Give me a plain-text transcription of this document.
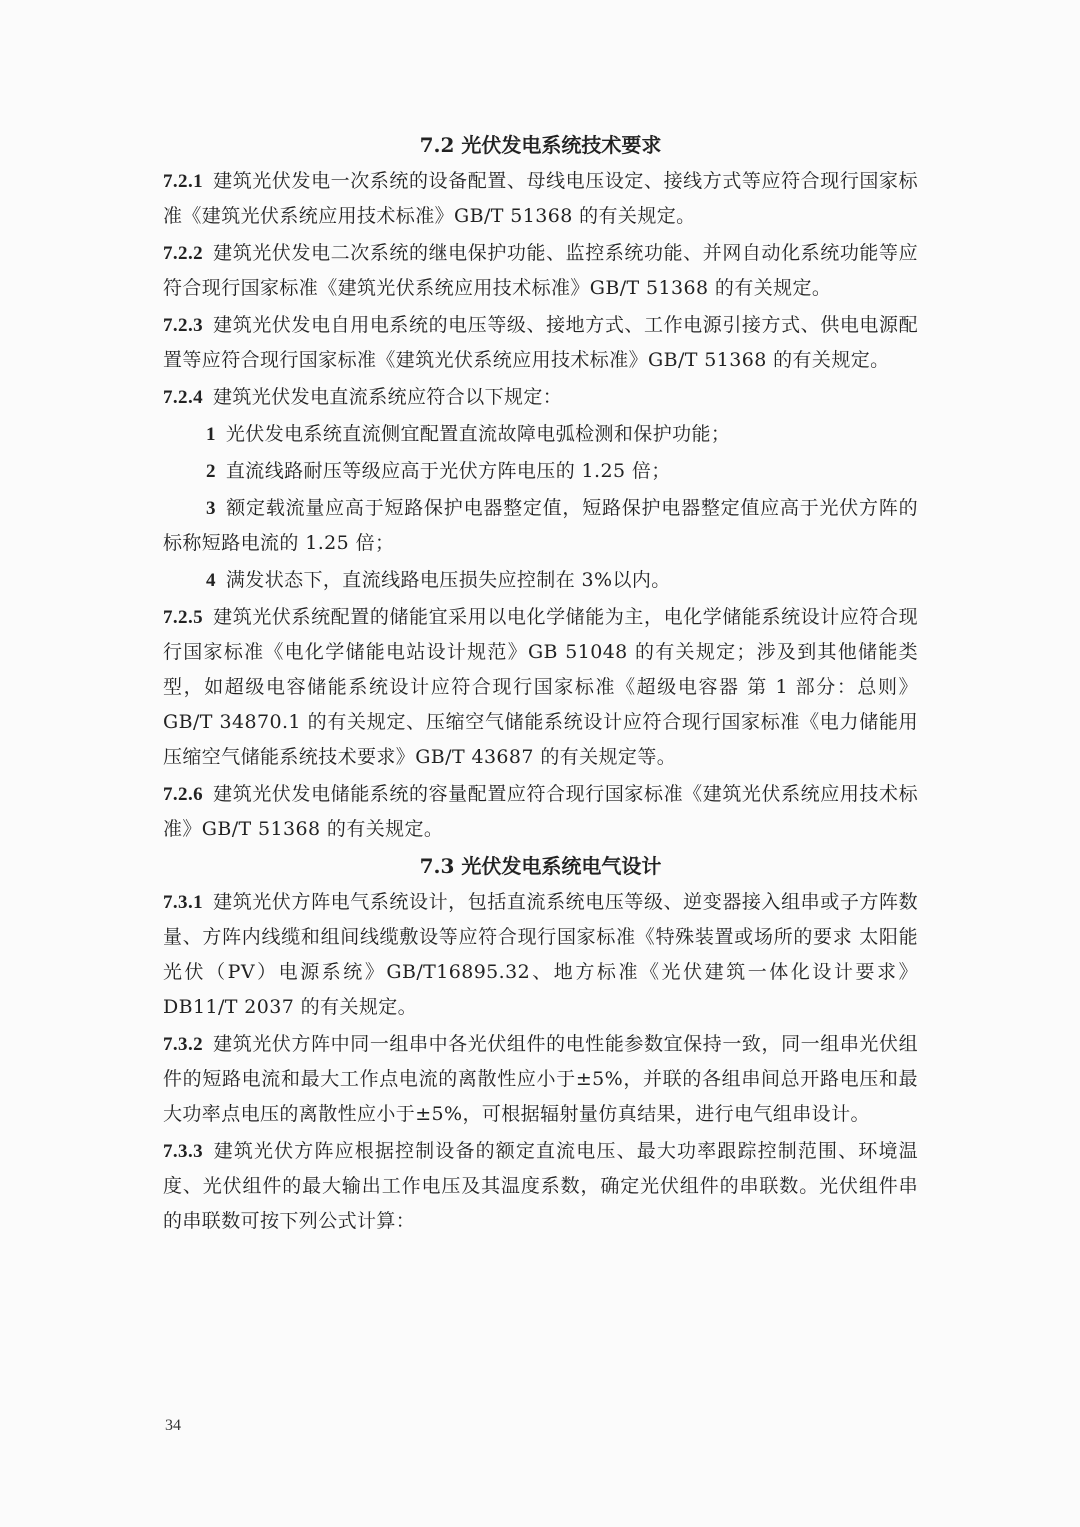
7.2 光伏发电系统技术要求

7.2.1 建筑光伏发电一次系统的设备配置、母线电压设定、接线方式等应符合现行国家标准《建筑光伏系统应用技术标准》GB/T 51368 的有关规定。

7.2.2 建筑光伏发电二次系统的继电保护功能、监控系统功能、并网自动化系统功能等应符合现行国家标准《建筑光伏系统应用技术标准》GB/T 51368 的有关规定。

7.2.3 建筑光伏发电自用电系统的电压等级、接地方式、工作电源引接方式、供电电源配置等应符合现行国家标准《建筑光伏系统应用技术标准》GB/T 51368 的有关规定。

7.2.4 建筑光伏发电直流系统应符合以下规定：

1 光伏发电系统直流侧宜配置直流故障电弧检测和保护功能；

2 直流线路耐压等级应高于光伏方阵电压的 1.25 倍；

3 额定载流量应高于短路保护电器整定值，短路保护电器整定值应高于光伏方阵的标称短路电流的 1.25 倍；

4 满发状态下，直流线路电压损失应控制在 3%以内。

7.2.5 建筑光伏系统配置的储能宜采用以电化学储能为主，电化学储能系统设计应符合现行国家标准《电化学储能电站设计规范》GB 51048 的有关规定；涉及到其他储能类型，如超级电容储能系统设计应符合现行国家标准《超级电容器 第 1 部分：总则》GB/T 34870.1 的有关规定、压缩空气储能系统设计应符合现行国家标准《电力储能用压缩空气储能系统技术要求》GB/T 43687 的有关规定等。

7.2.6 建筑光伏发电储能系统的容量配置应符合现行国家标准《建筑光伏系统应用技术标准》GB/T 51368 的有关规定。

7.3 光伏发电系统电气设计

7.3.1 建筑光伏方阵电气系统设计，包括直流系统电压等级、逆变器接入组串或子方阵数量、方阵内线缆和组间线缆敷设等应符合现行国家标准《特殊装置或场所的要求 太阳能光伏（PV）电源系统》GB/T16895.32、地方标准《光伏建筑一体化设计要求》DB11/T 2037 的有关规定。

7.3.2 建筑光伏方阵中同一组串中各光伏组件的电性能参数宜保持一致，同一组串光伏组件的短路电流和最大工作点电流的离散性应小于±5%，并联的各组串间总开路电压和最大功率点电压的离散性应小于±5%，可根据辐射量仿真结果，进行电气组串设计。

7.3.3 建筑光伏方阵应根据控制设备的额定直流电压、最大功率跟踪控制范围、环境温度、光伏组件的最大输出工作电压及其温度系数，确定光伏组件的串联数。光伏组件串的串联数可按下列公式计算：

34
